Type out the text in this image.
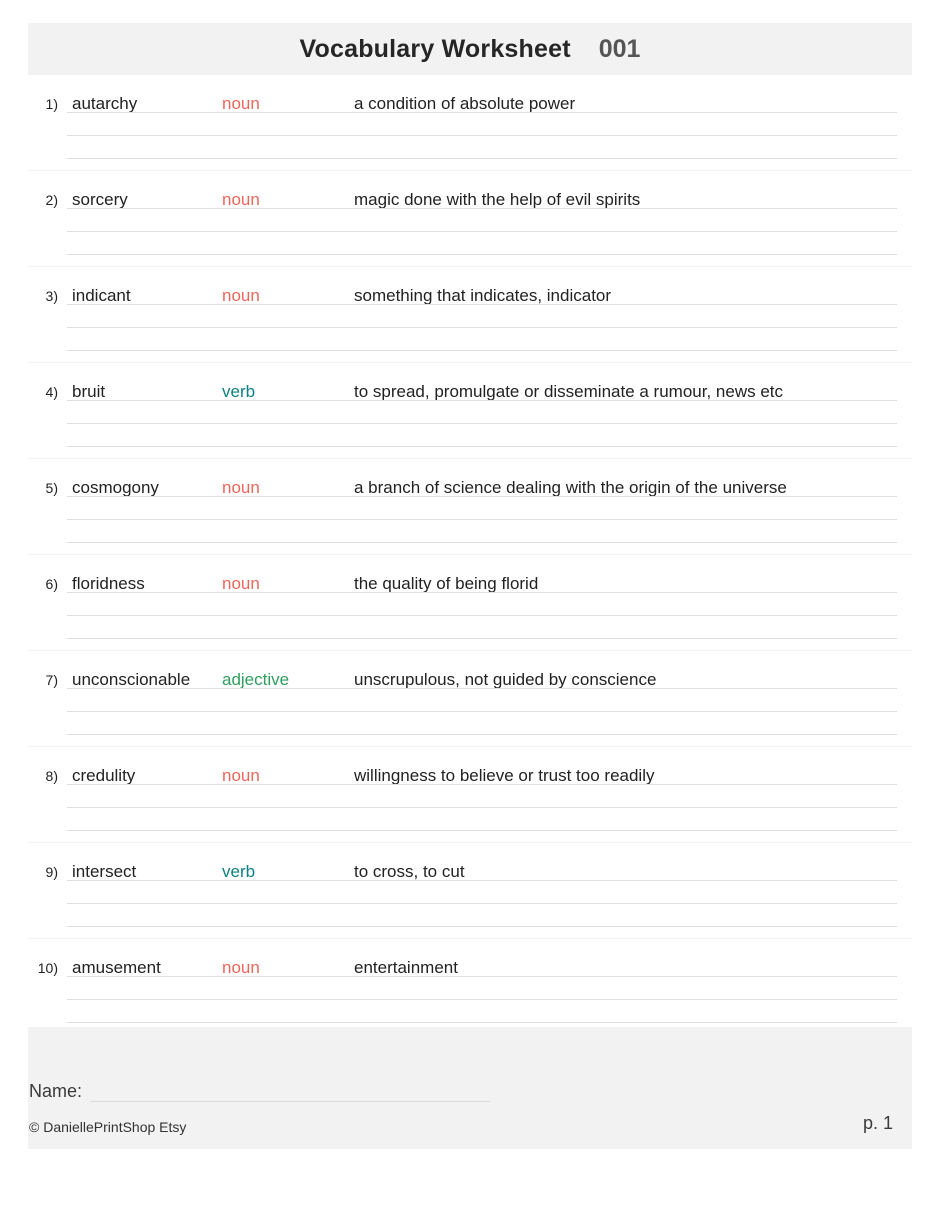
Vocabulary Worksheet 001
1) autarchy	noun	a condition of absolute power
2) sorcery	noun	magic done with the help of evil spirits
3) indicant	noun	something that indicates, indicator
4) bruit	verb	to spread, promulgate or disseminate a rumour, news etc
5) cosmogony	noun	a branch of science dealing with the origin of the universe
6) floridness	noun	the quality of being florid
7) unconscionable adjective	unscrupulous, not guided by conscience
8) credulity	noun	willingness to believe or trust too readily
9) intersect	verb	to cross, to cut
10) amusement	noun	entertainment
Name:
© DaniellePrintShop Etsy	p. 1
